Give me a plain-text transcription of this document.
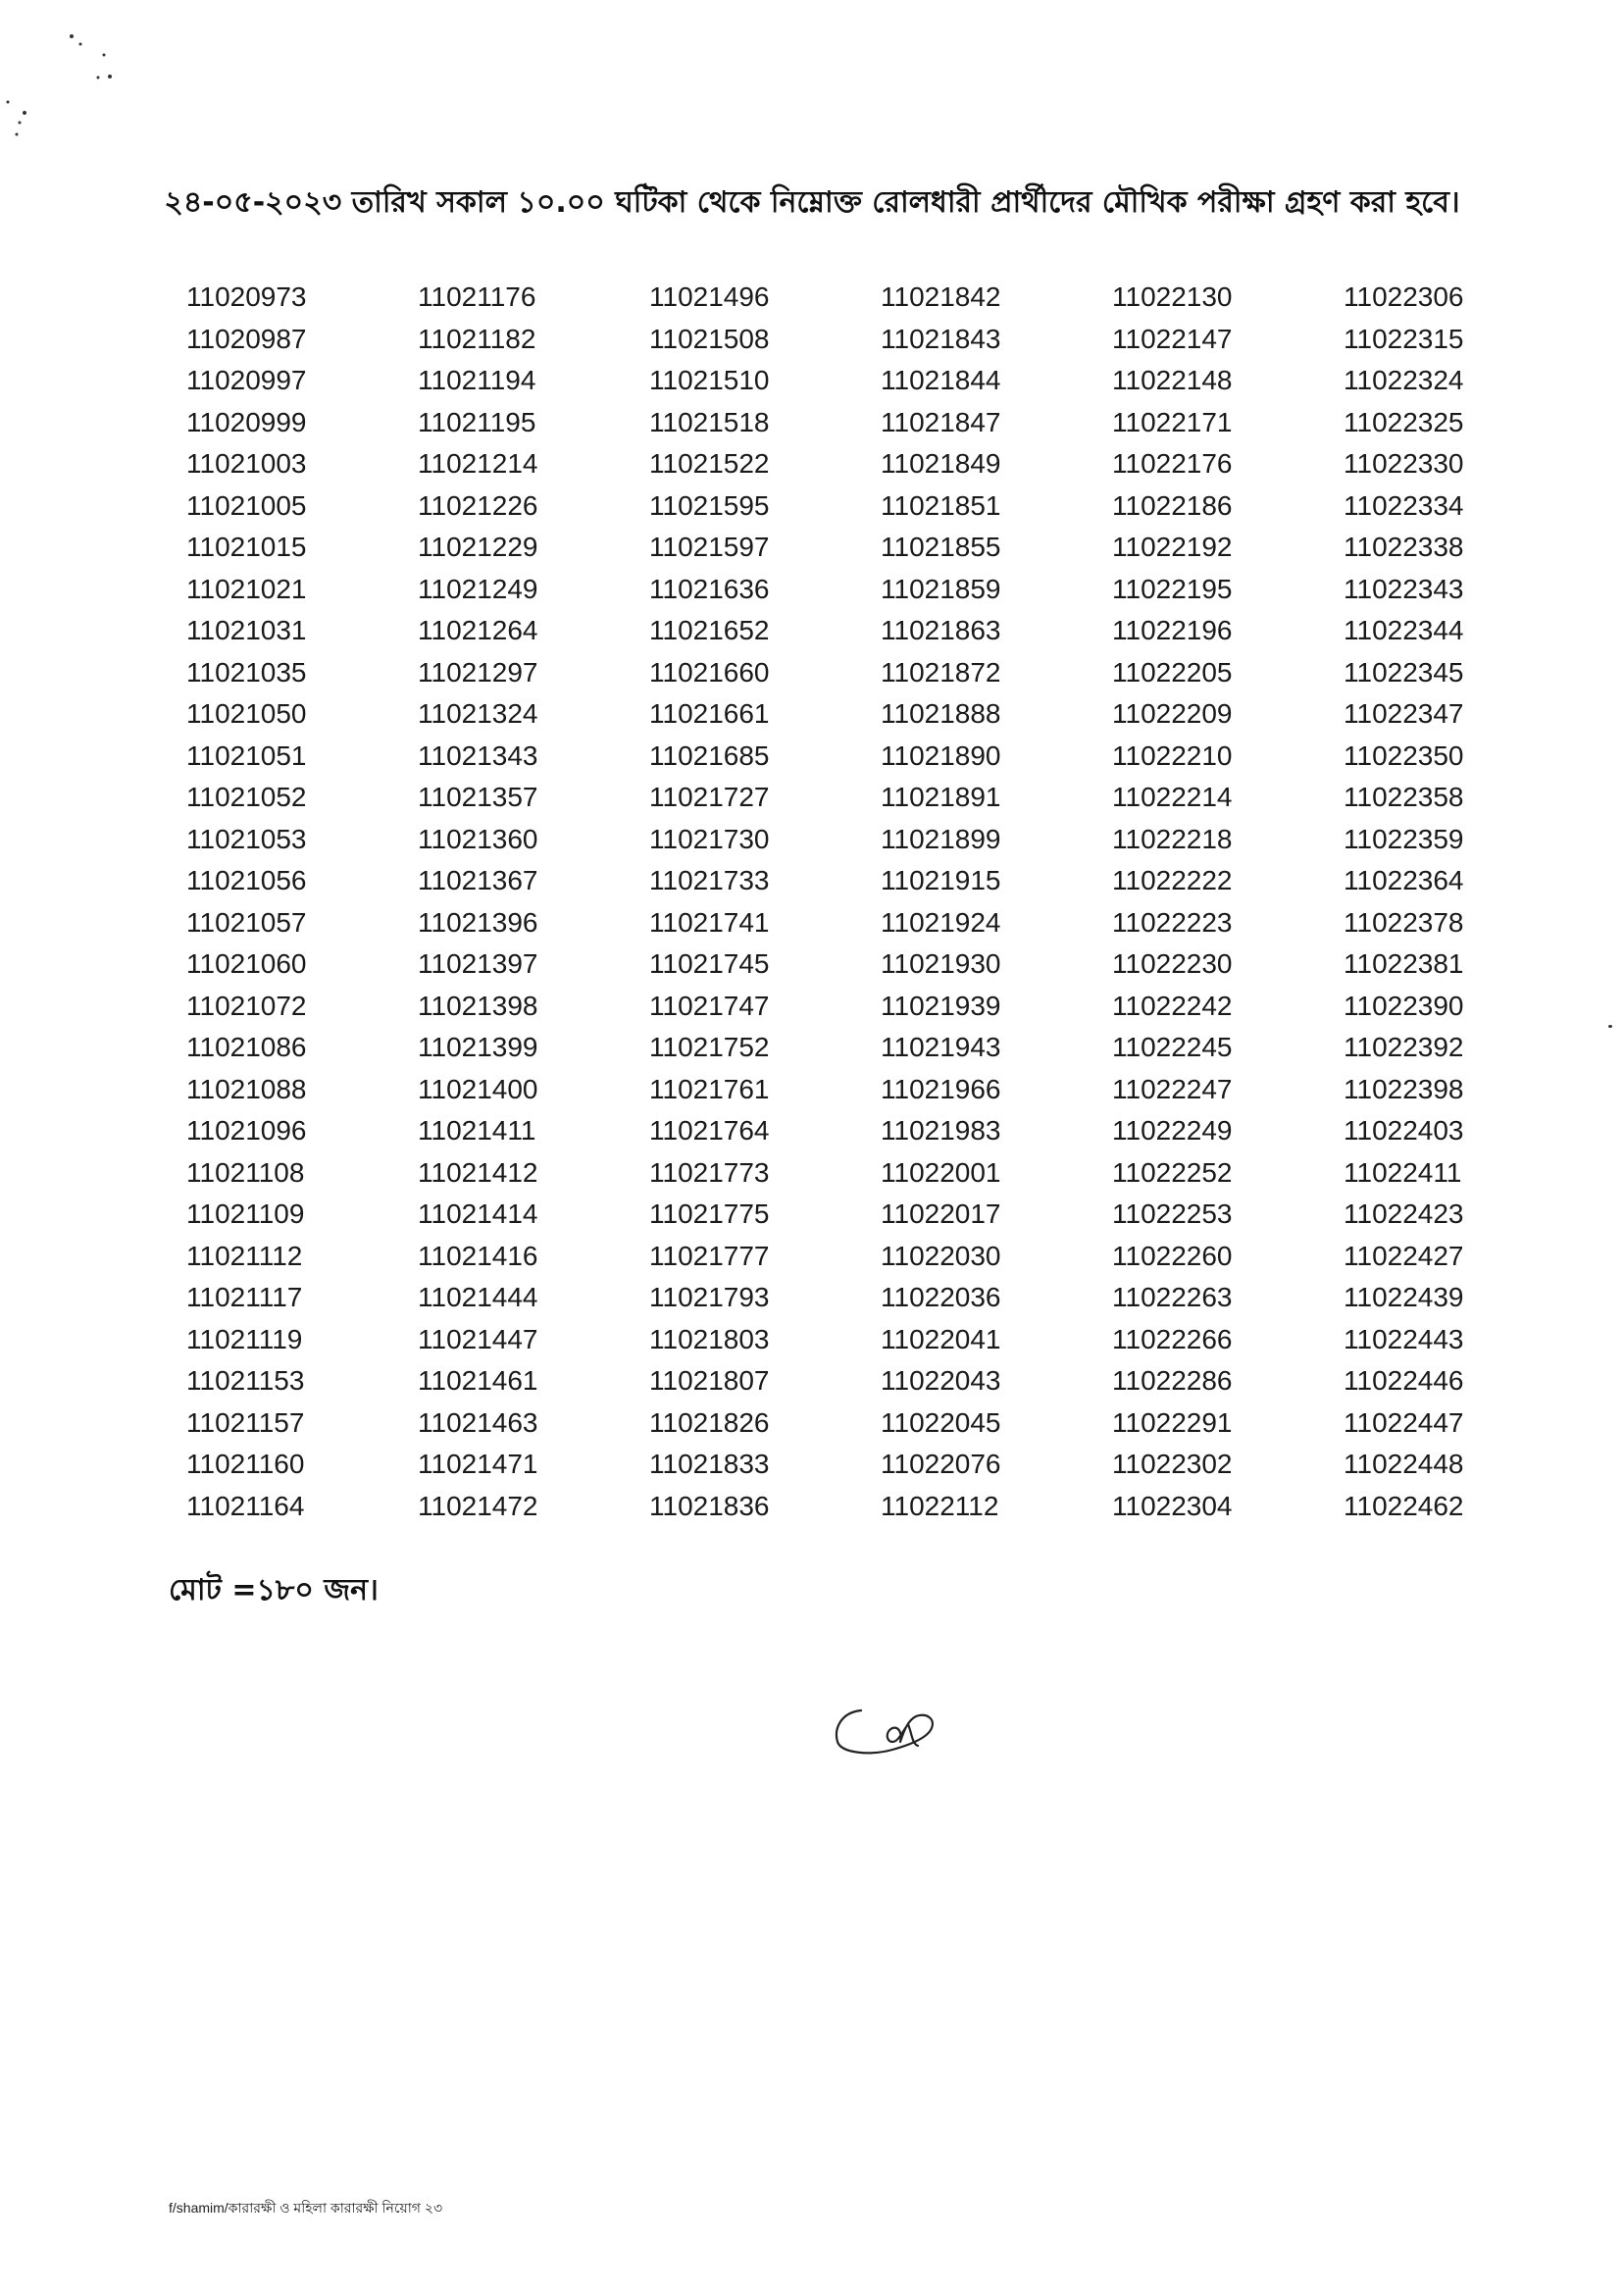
২৪-০৫-২০২৩ তারিখ সকাল ১০.০০ ঘটিকা থেকে নিম্নোক্ত রোলধারী প্রার্থীদের মৌখিক পরীক্ষা গ্রহণ করা হবে।
11020973	11021176	11021496	11021842	11022130	11022306
11020987	11021182	11021508	11021843	11022147	11022315
11020997	11021194	11021510	11021844	11022148	11022324
11020999	11021195	11021518	11021847	11022171	11022325
11021003	11021214	11021522	11021849	11022176	11022330
11021005	11021226	11021595	11021851	11022186	11022334
11021015	11021229	11021597	11021855	11022192	11022338
11021021	11021249	11021636	11021859	11022195	11022343
11021031	11021264	11021652	11021863	11022196	11022344
11021035	11021297	11021660	11021872	11022205	11022345
11021050	11021324	11021661	11021888	11022209	11022347
11021051	11021343	11021685	11021890	11022210	11022350
11021052	11021357	11021727	11021891	11022214	11022358
11021053	11021360	11021730	11021899	11022218	11022359
11021056	11021367	11021733	11021915	11022222	11022364
11021057	11021396	11021741	11021924	11022223	11022378
11021060	11021397	11021745	11021930	11022230	11022381
11021072	11021398	11021747	11021939	11022242	11022390
11021086	11021399	11021752	11021943	11022245	11022392
11021088	11021400	11021761	11021966	11022247	11022398
11021096	11021411	11021764	11021983	11022249	11022403
11021108	11021412	11021773	11022001	11022252	11022411
11021109	11021414	11021775	11022017	11022253	11022423
11021112	11021416	11021777	11022030	11022260	11022427
11021117	11021444	11021793	11022036	11022263	11022439
11021119	11021447	11021803	11022041	11022266	11022443
11021153	11021461	11021807	11022043	11022286	11022446
11021157	11021463	11021826	11022045	11022291	11022447
11021160	11021471	11021833	11022076	11022302	11022448
11021164	11021472	11021836	11022112	11022304	11022462
মোট =১৮০ জন।
f/shamim/কারারক্ষী ও মহিলা কারারক্ষী নিয়োগ ২৩
